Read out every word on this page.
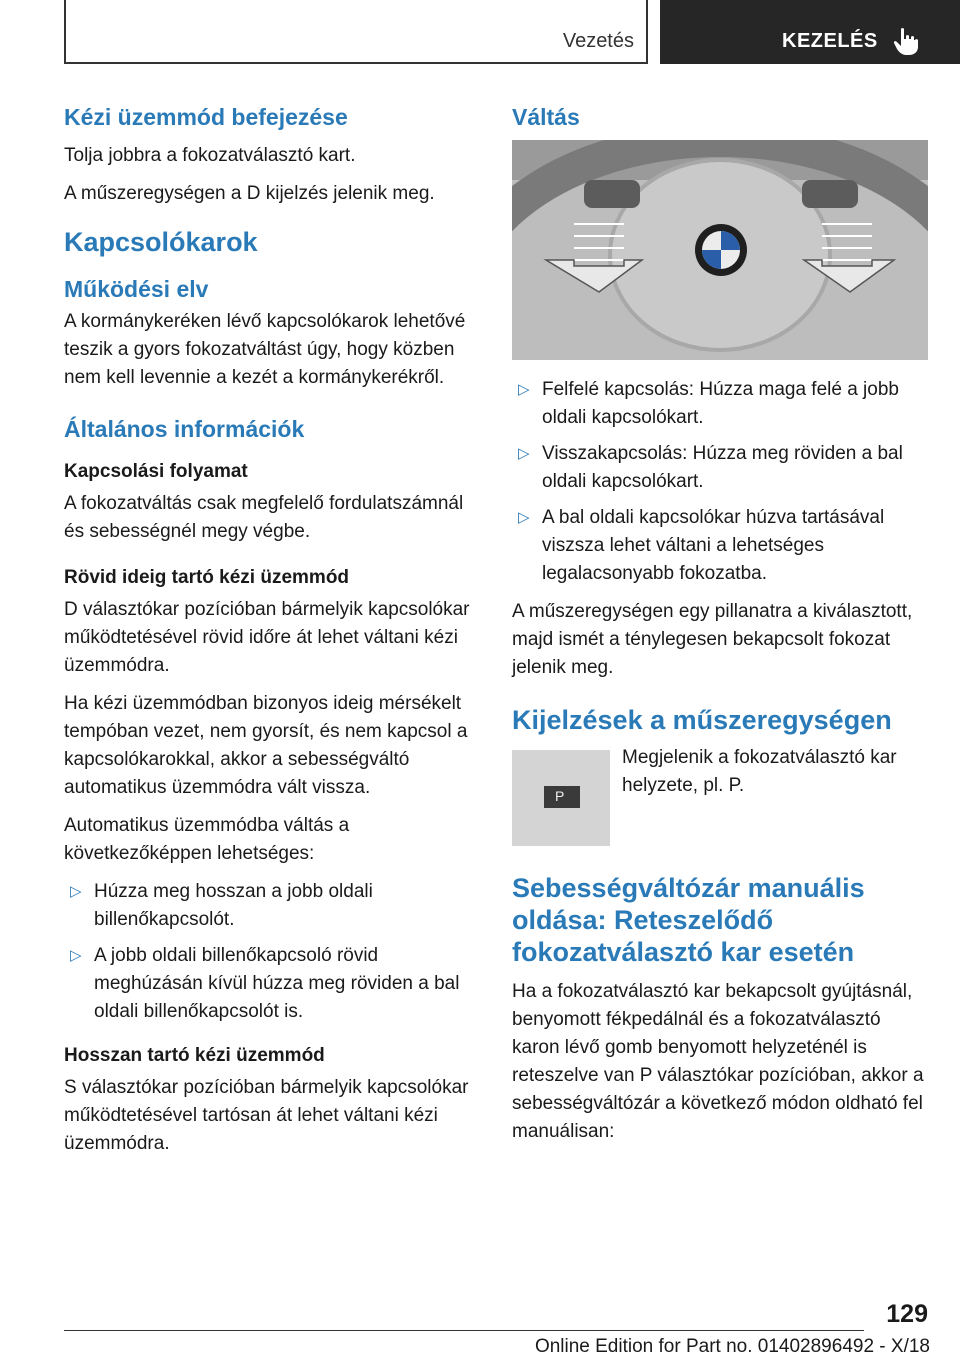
Vezetés	KEZELÉS
Kézi üzemmód befejezése

Tolja jobbra a fokozatválasztó kart.

A műszeregységen a D kijelzés jelenik meg.

Kapcsolókarok
Működési elv

A kormánykeréken lévő kapcsolókarok lehetővé teszik a gyors fokozatváltást úgy, hogy közben nem kell levennie a kezét a kormánykerékről.

Általános információk
Kapcsolási folyamat

A fokozatváltás csak megfelelő fordulatszámnál és sebességnél megy végbe.

Rövid ideig tartó kézi üzemmód

D választókar pozícióban bármelyik kapcsolókar működtetésével rövid időre át lehet váltani kézi üzemmódra.

Ha kézi üzemmódban bizonyos ideig mérsékelt tempóban vezet, nem gyorsít, és nem kapcsol a kapcsolókarokkal, akkor a sebességváltó automatikus üzemmódra vált vissza.

Automatikus üzemmódba váltás a következőképpen lehetséges:

▷ Húzza meg hosszan a jobb oldali billenőkapcsolót.
▷ A jobb oldali billenőkapcsoló rövid meghúzásán kívül húzza meg röviden a bal oldali billenőkapcsolót is.
Hosszan tartó kézi üzemmód

S választókar pozícióban bármelyik kapcsolókar működtetésével tartósan át lehet váltani kézi üzemmódra.

Váltás
▷ Felfelé kapcsolás: Húzza maga felé a jobb oldali kapcsolókart.
▷ Visszakapcsolás: Húzza meg röviden a bal oldali kapcsolókart.
▷ A bal oldali kapcsolókar húzva tartásával viszsza lehet váltani a lehetséges legalacsonyabb fokozatba.

A műszeregységen egy pillanatra a kiválasztott, majd ismét a ténylegesen bekapcsolt fokozat jelenik meg.

Kijelzések a műszeregységen
P

Megjelenik a fokozatválasztó kar helyzete, pl. P.

Sebességváltózár manuális oldása: Reteszelődő fokozatválasztó kar esetén

Ha a fokozatválasztó kar bekapcsolt gyújtásnál, benyomott fékpedálnál és a fokozatválasztó karon lévő gomb benyomott helyzeténél is reteszelve van P választókar pozícióban, akkor a sebességváltózár a következő módon oldható fel manuálisan:

129
Online Edition for Part no. 01402896492 - X/18
